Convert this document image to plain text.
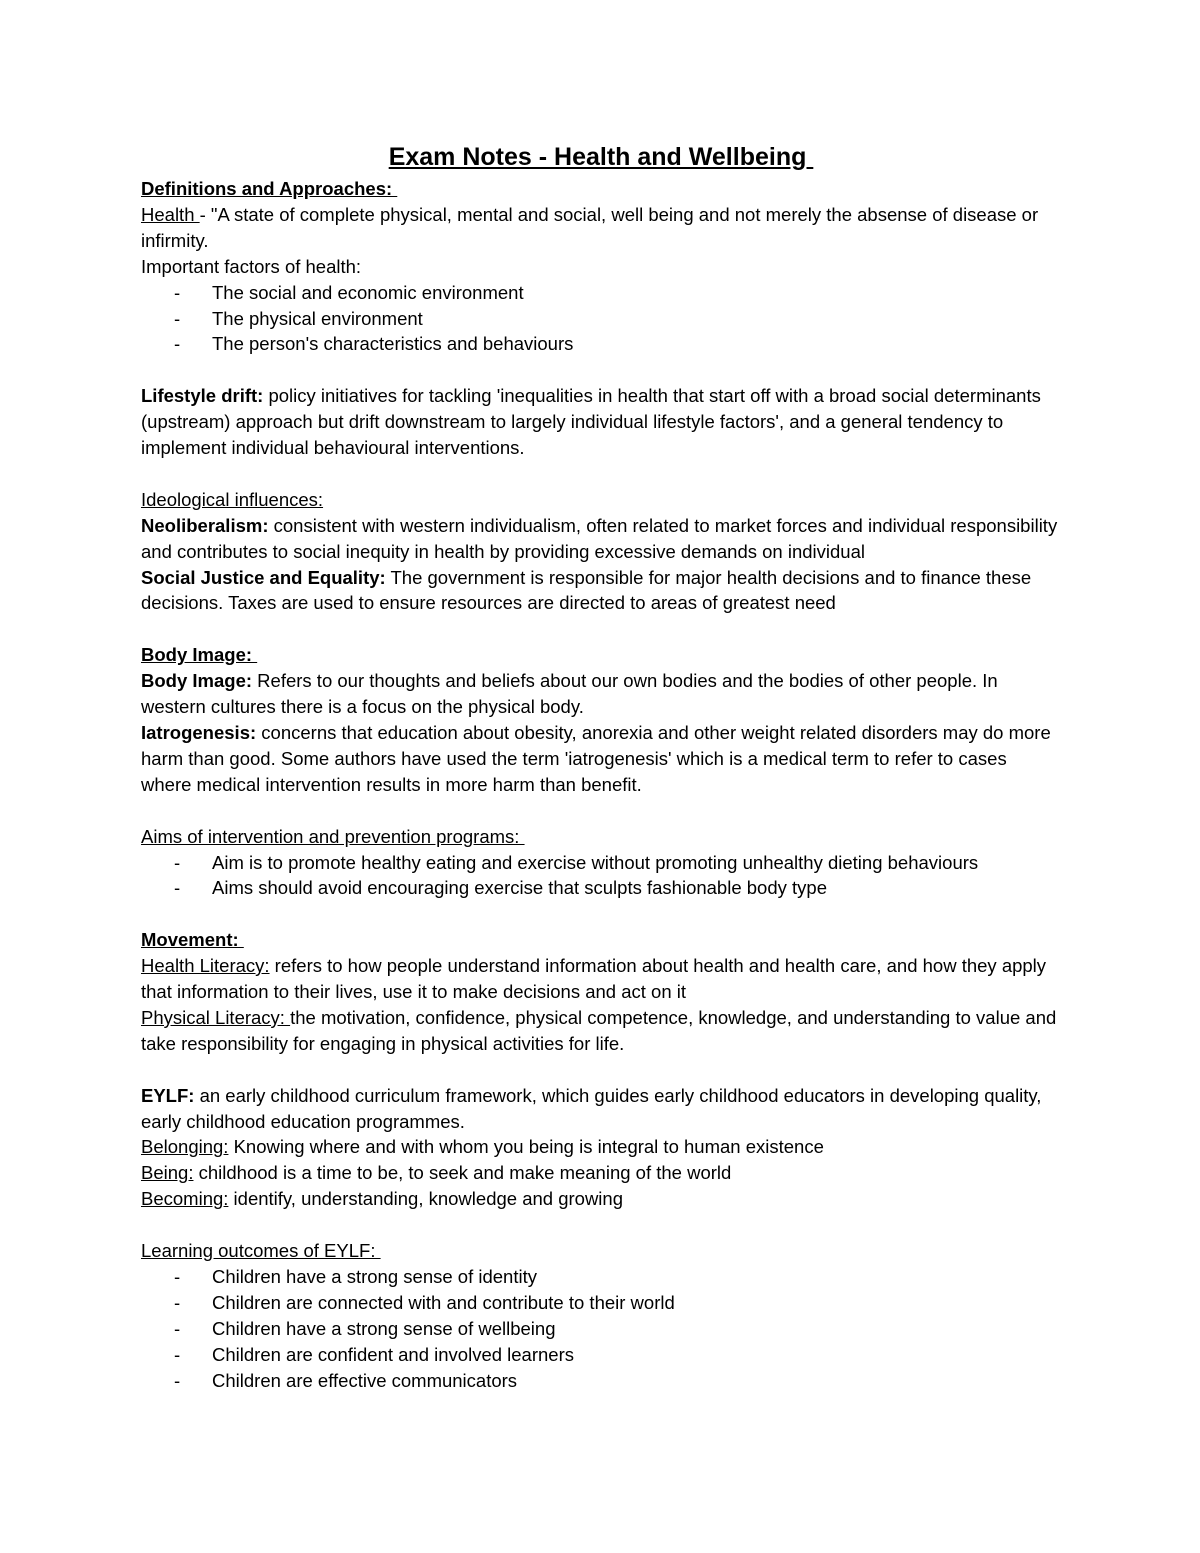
Exam Notes - Health and Wellbeing
Definitions and Approaches:

Health - "A state of complete physical, mental and social, well being and not merely the absense of disease or infirmity.

Important factors of health:

- The social and economic environment
- The physical environment
- The person's characteristics and behaviours

Lifestyle drift: policy initiatives for tackling 'inequalities in health that start off with a broad social determinants (upstream) approach but drift downstream to largely individual lifestyle factors', and a general tendency to implement individual behavioural interventions.

Ideological influences:

Neoliberalism: consistent with western individualism, often related to market forces and individual responsibility and contributes to social inequity in health by providing excessive demands on individual

Social Justice and Equality: The government is responsible for major health decisions and to finance these decisions. Taxes are used to ensure resources are directed to areas of greatest need

Body Image:

Body Image: Refers to our thoughts and beliefs about our own bodies and the bodies of other people. In western cultures there is a focus on the physical body.

Iatrogenesis: concerns that education about obesity, anorexia and other weight related disorders may do more harm than good. Some authors have used the term 'iatrogenesis' which is a medical term to refer to cases where medical intervention results in more harm than benefit.

Aims of intervention and prevention programs:
- Aim is to promote healthy eating and exercise without promoting unhealthy dieting behaviours
- Aims should avoid encouraging exercise that sculpts fashionable body type
Movement:

Health Literacy: refers to how people understand information about health and health care, and how they apply that information to their lives, use it to make decisions and act on it

Physical Literacy: the motivation, confidence, physical competence, knowledge, and understanding to value and take responsibility for engaging in physical activities for life.

EYLF: an early childhood curriculum framework, which guides early childhood educators in developing quality, early childhood education programmes.

Belonging: Knowing where and with whom you being is integral to human existence

Being: childhood is a time to be, to seek and make meaning of the world

Becoming: identify, understanding, knowledge and growing

Learning outcomes of EYLF:
- Children have a strong sense of identity
- Children are connected with and contribute to their world
- Children have a strong sense of wellbeing
- Children are confident and involved learners
- Children are effective communicators
